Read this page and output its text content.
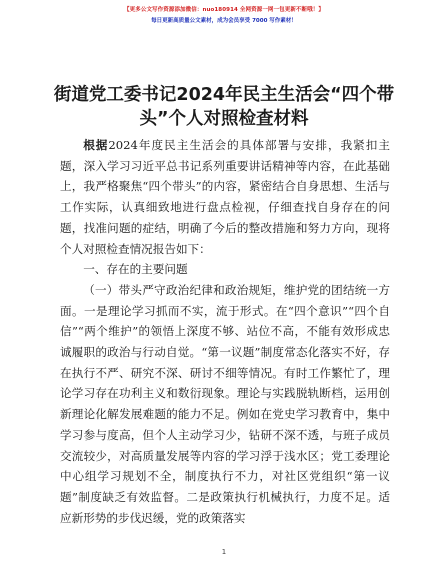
【更多公文写作资源添加微信：nuo180914 全网资源一网一包更新不断哦！】
每日更新高质量公文素材，成为会员享受 7000 写作素材！
街道党工委书记2024年民主生活会“四个带
头”个人对照检查材料

根据2024年度民主生活会的具体部署与安排，我紧扣主题，深入学习习近平总书记系列重要讲话精神等内容，在此基础上，我严格聚焦“四个带头”的内容，紧密结合自身思想、生活与工作实际，认真细致地进行盘点检视，仔细查找自身存在的问题，找准问题的症结，明确了今后的整改措施和努力方向，现将个人对照检查情况报告如下：

一、存在的主要问题

（一）带头严守政治纪律和政治规矩，维护党的团结统一方面。一是理论学习抓而不实，流于形式。在“四个意识”“四个自信”“两个维护”的领悟上深度不够、站位不高，不能有效形成忠诚履职的政治与行动自觉。“第一议题”制度常态化落实不好，存在执行不严、研究不深、研讨不细等情况。有时工作繁忙了，理论学习存在功利主义和数衍现象。理论与实践脱轨断档，运用创新理论化解发展难题的能力不足。例如在党史学习教育中，集中学习参与度高，但个人主动学习少，钻研不深不透，与班子成员交流较少，对高质量发展等内容的学习浮于浅水区；党工委理论中心组学习规划不全，制度执行不力，对社区党组织“第一议题”制度缺乏有效监督。二是政策执行机械执行，力度不足。适应新形势的步伐迟缓，党的政策落实

1
